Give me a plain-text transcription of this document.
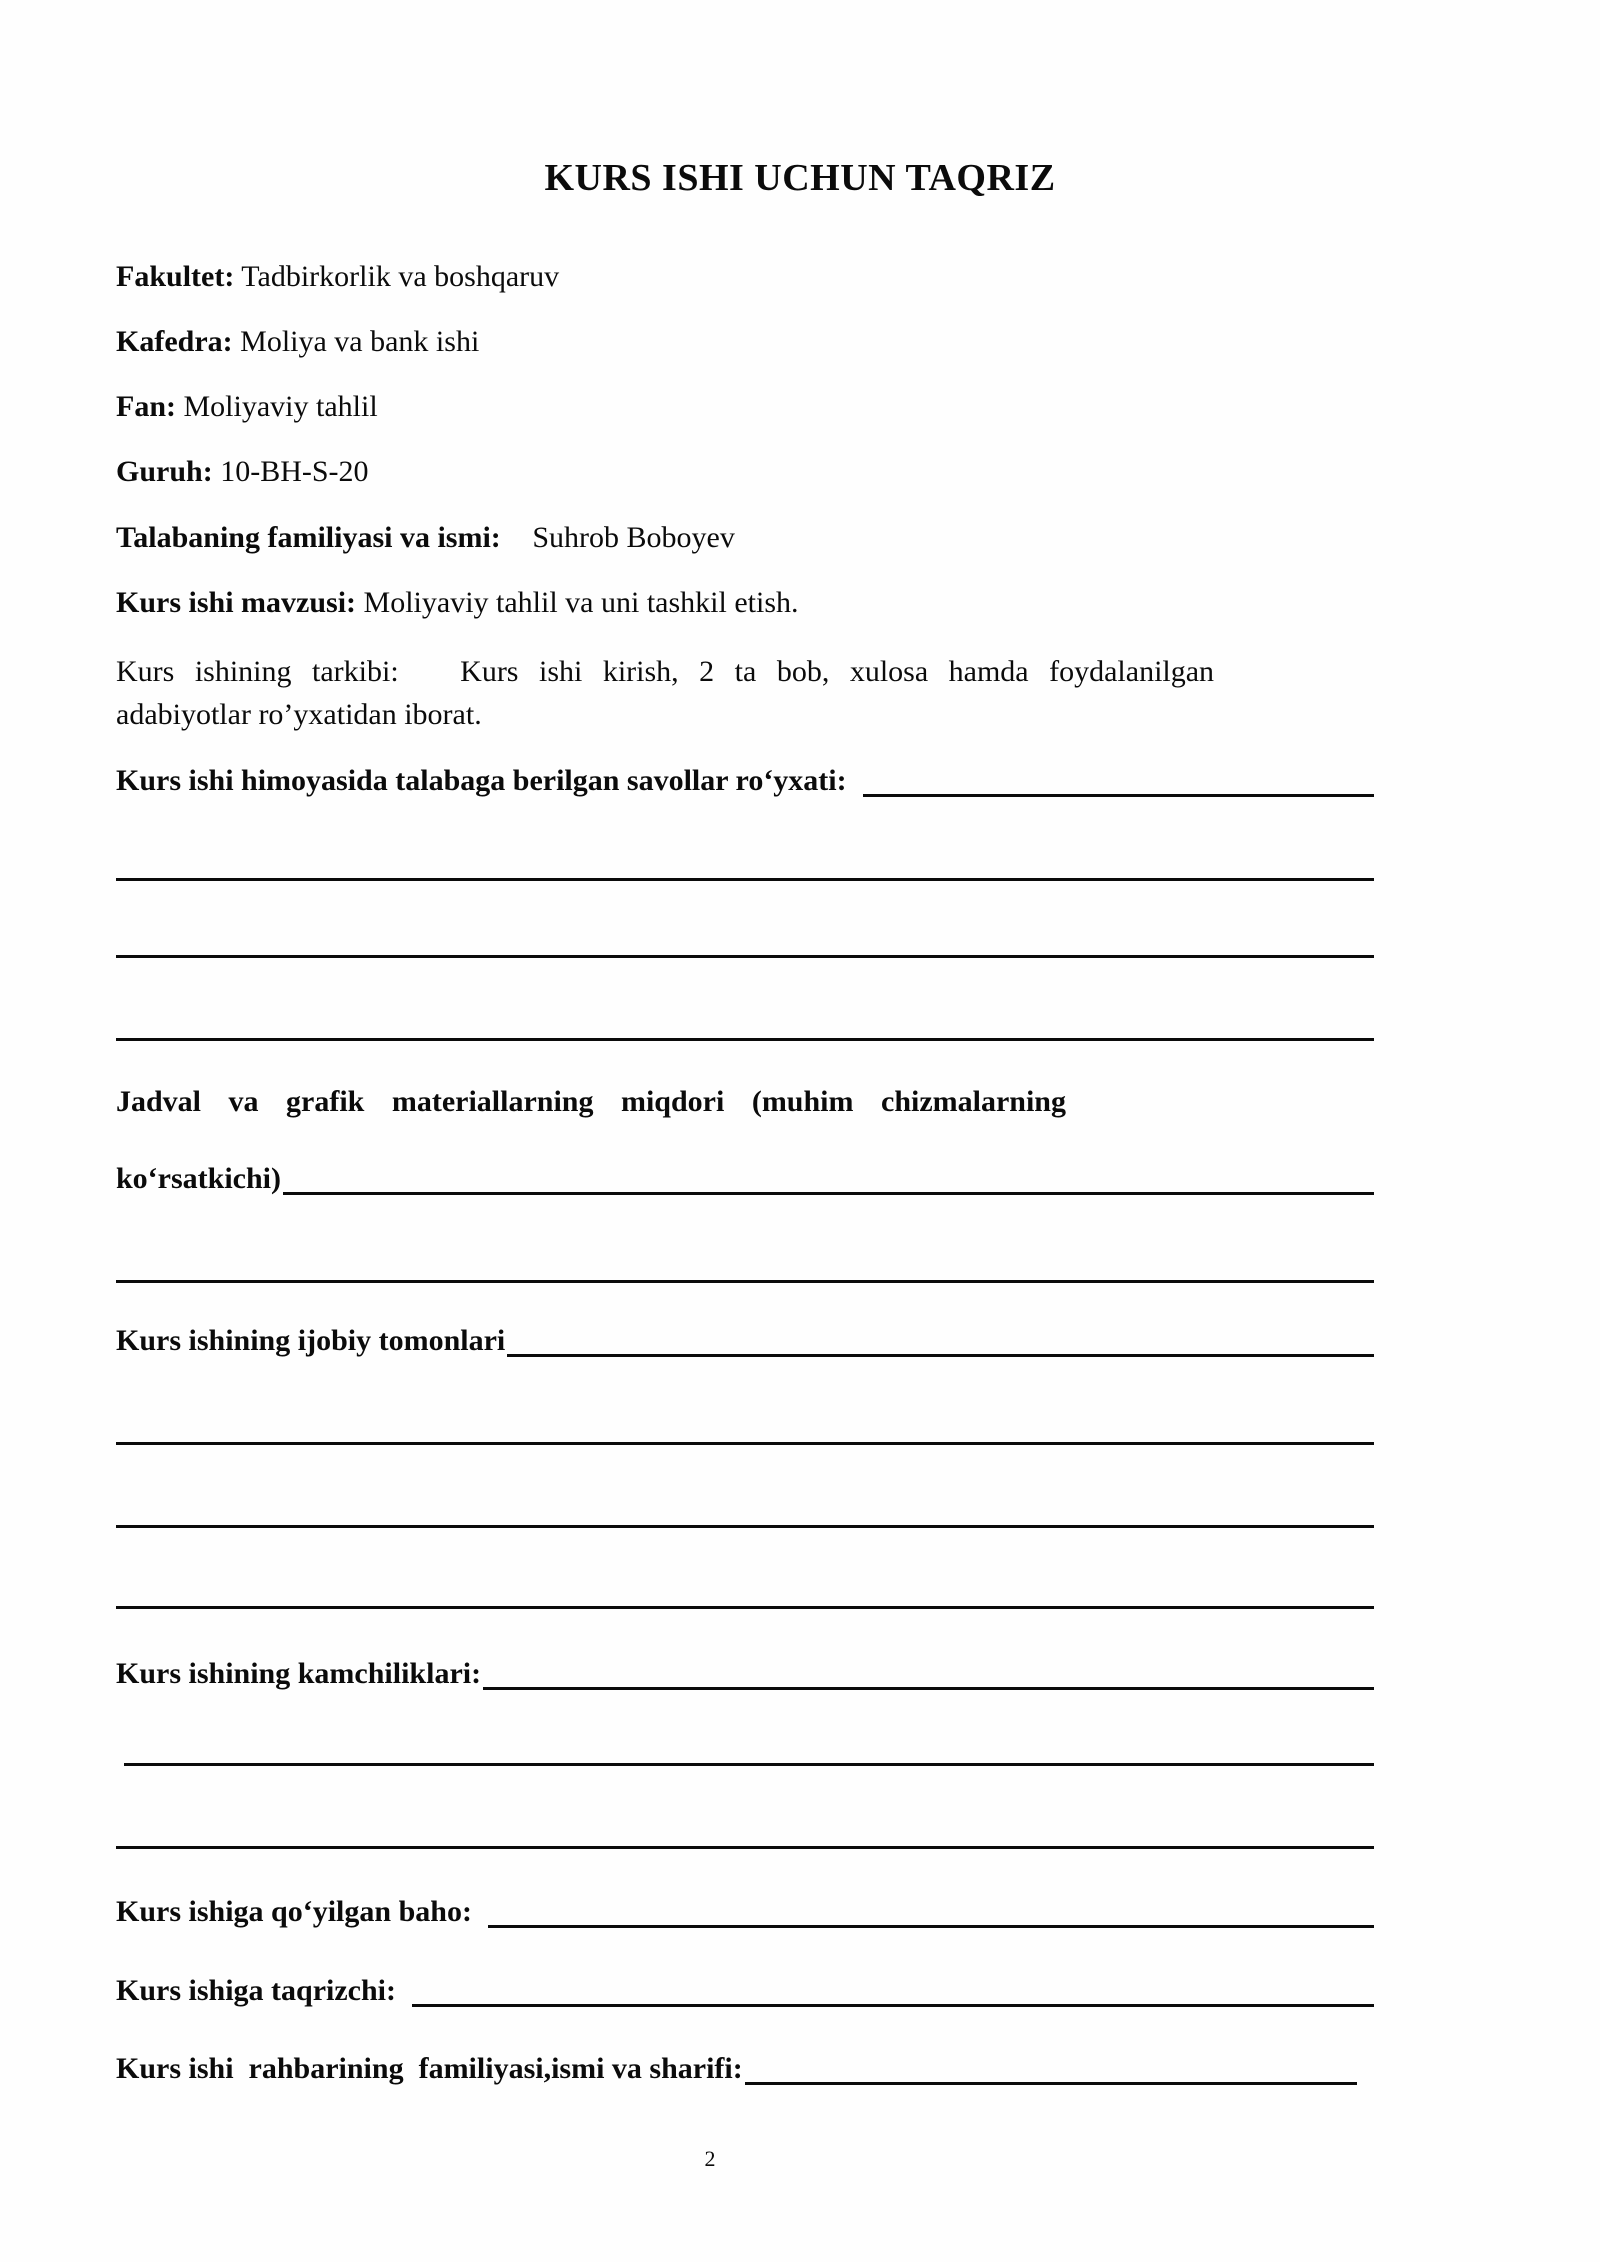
KURS ISHI UCHUN TAQRIZ
Fakultet: Tadbirkorlik va boshqaruv
Kafedra: Moliya va bank ishi
Fan: Moliyaviy tahlil
Guruh: 10-BH-S-20
Talabaning familiyasi va ismi: Suhrob Boboyev
Kurs ishi mavzusi: Moliyaviy tahlil va uni tashkil etish.
Kurs ishining tarkibi:   Kurs ishi kirish, 2 ta bob, xulosa hamda foydalanilgan
adabiyotlar ro’yxatidan iborat.
Kurs ishi himoyasida talabaga berilgan savollar ro‘yxati:
Jadval va grafik materiallarning miqdori (muhim chizmalarning
ko‘rsatkichi)
Kurs ishining ijobiy tomonlari
Kurs ishining kamchiliklari:
Kurs ishiga qo‘yilgan baho:
Kurs ishiga taqrizchi:
Kurs ishi  rahbarining  familiyasi,ismi va sharifi:
2
